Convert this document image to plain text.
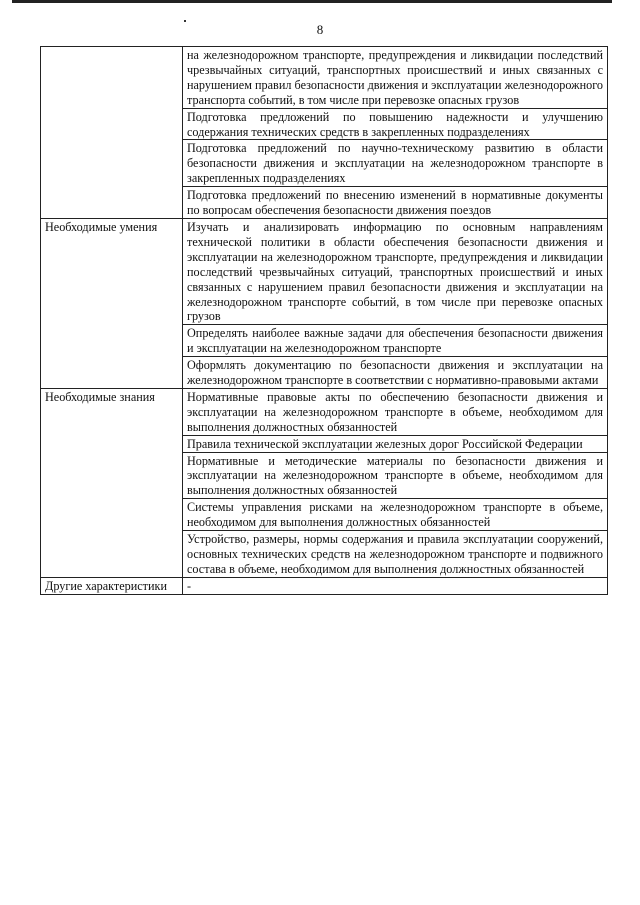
8

	на железнодорожном транспорте, предупреждения и ликвидации последствий чрезвычайных ситуаций, транспортных происшествий и иных связанных с нарушением правил безопасности движения и эксплуатации железнодорожного транспорта событий, в том числе при перевозке опасных грузов

	Подготовка предложений по повышению надежности и улучшению содержания технических средств в закрепленных подразделениях

	Подготовка предложений по научно-техническому развитию в области безопасности движения и эксплуатации на железнодорожном транспорте в закрепленных подразделениях

	Подготовка предложений по внесению изменений в нормативные документы по вопросам обеспечения безопасности движения поездов

Необходимые умения	Изучать и анализировать информацию по основным направлениям технической политики в области обеспечения безопасности движения и эксплуатации на железнодорожном транспорте, предупреждения и ликвидации последствий чрезвычайных ситуаций, транспортных происшествий и иных связанных с нарушением правил безопасности движения и эксплуатации на железнодорожном транспорте событий, в том числе при перевозке опасных грузов

	Определять наиболее важные задачи для обеспечения безопасности движения и эксплуатации на железнодорожном транспорте

	Оформлять документацию по безопасности движения и эксплуатации на железнодорожном транспорте в соответствии с нормативно-правовыми актами

Необходимые знания	Нормативные правовые акты по обеспечению безопасности движения и эксплуатации на железнодорожном транспорте в объеме, необходимом для выполнения должностных обязанностей

	Правила технической эксплуатации железных дорог Российской Федерации

	Нормативные и методические материалы по безопасности движения и эксплуатации на железнодорожном транспорте в объеме, необходимом для выполнения должностных обязанностей

	Системы управления рисками на железнодорожном транспорте в объеме, необходимом для выполнения должностных обязанностей

	Устройство, размеры, нормы содержания и правила эксплуатации сооружений, основных технических средств на железнодорожном транспорте и подвижного состава в объеме, необходимом для выполнения должностных обязанностей

Другие характеристики	-
